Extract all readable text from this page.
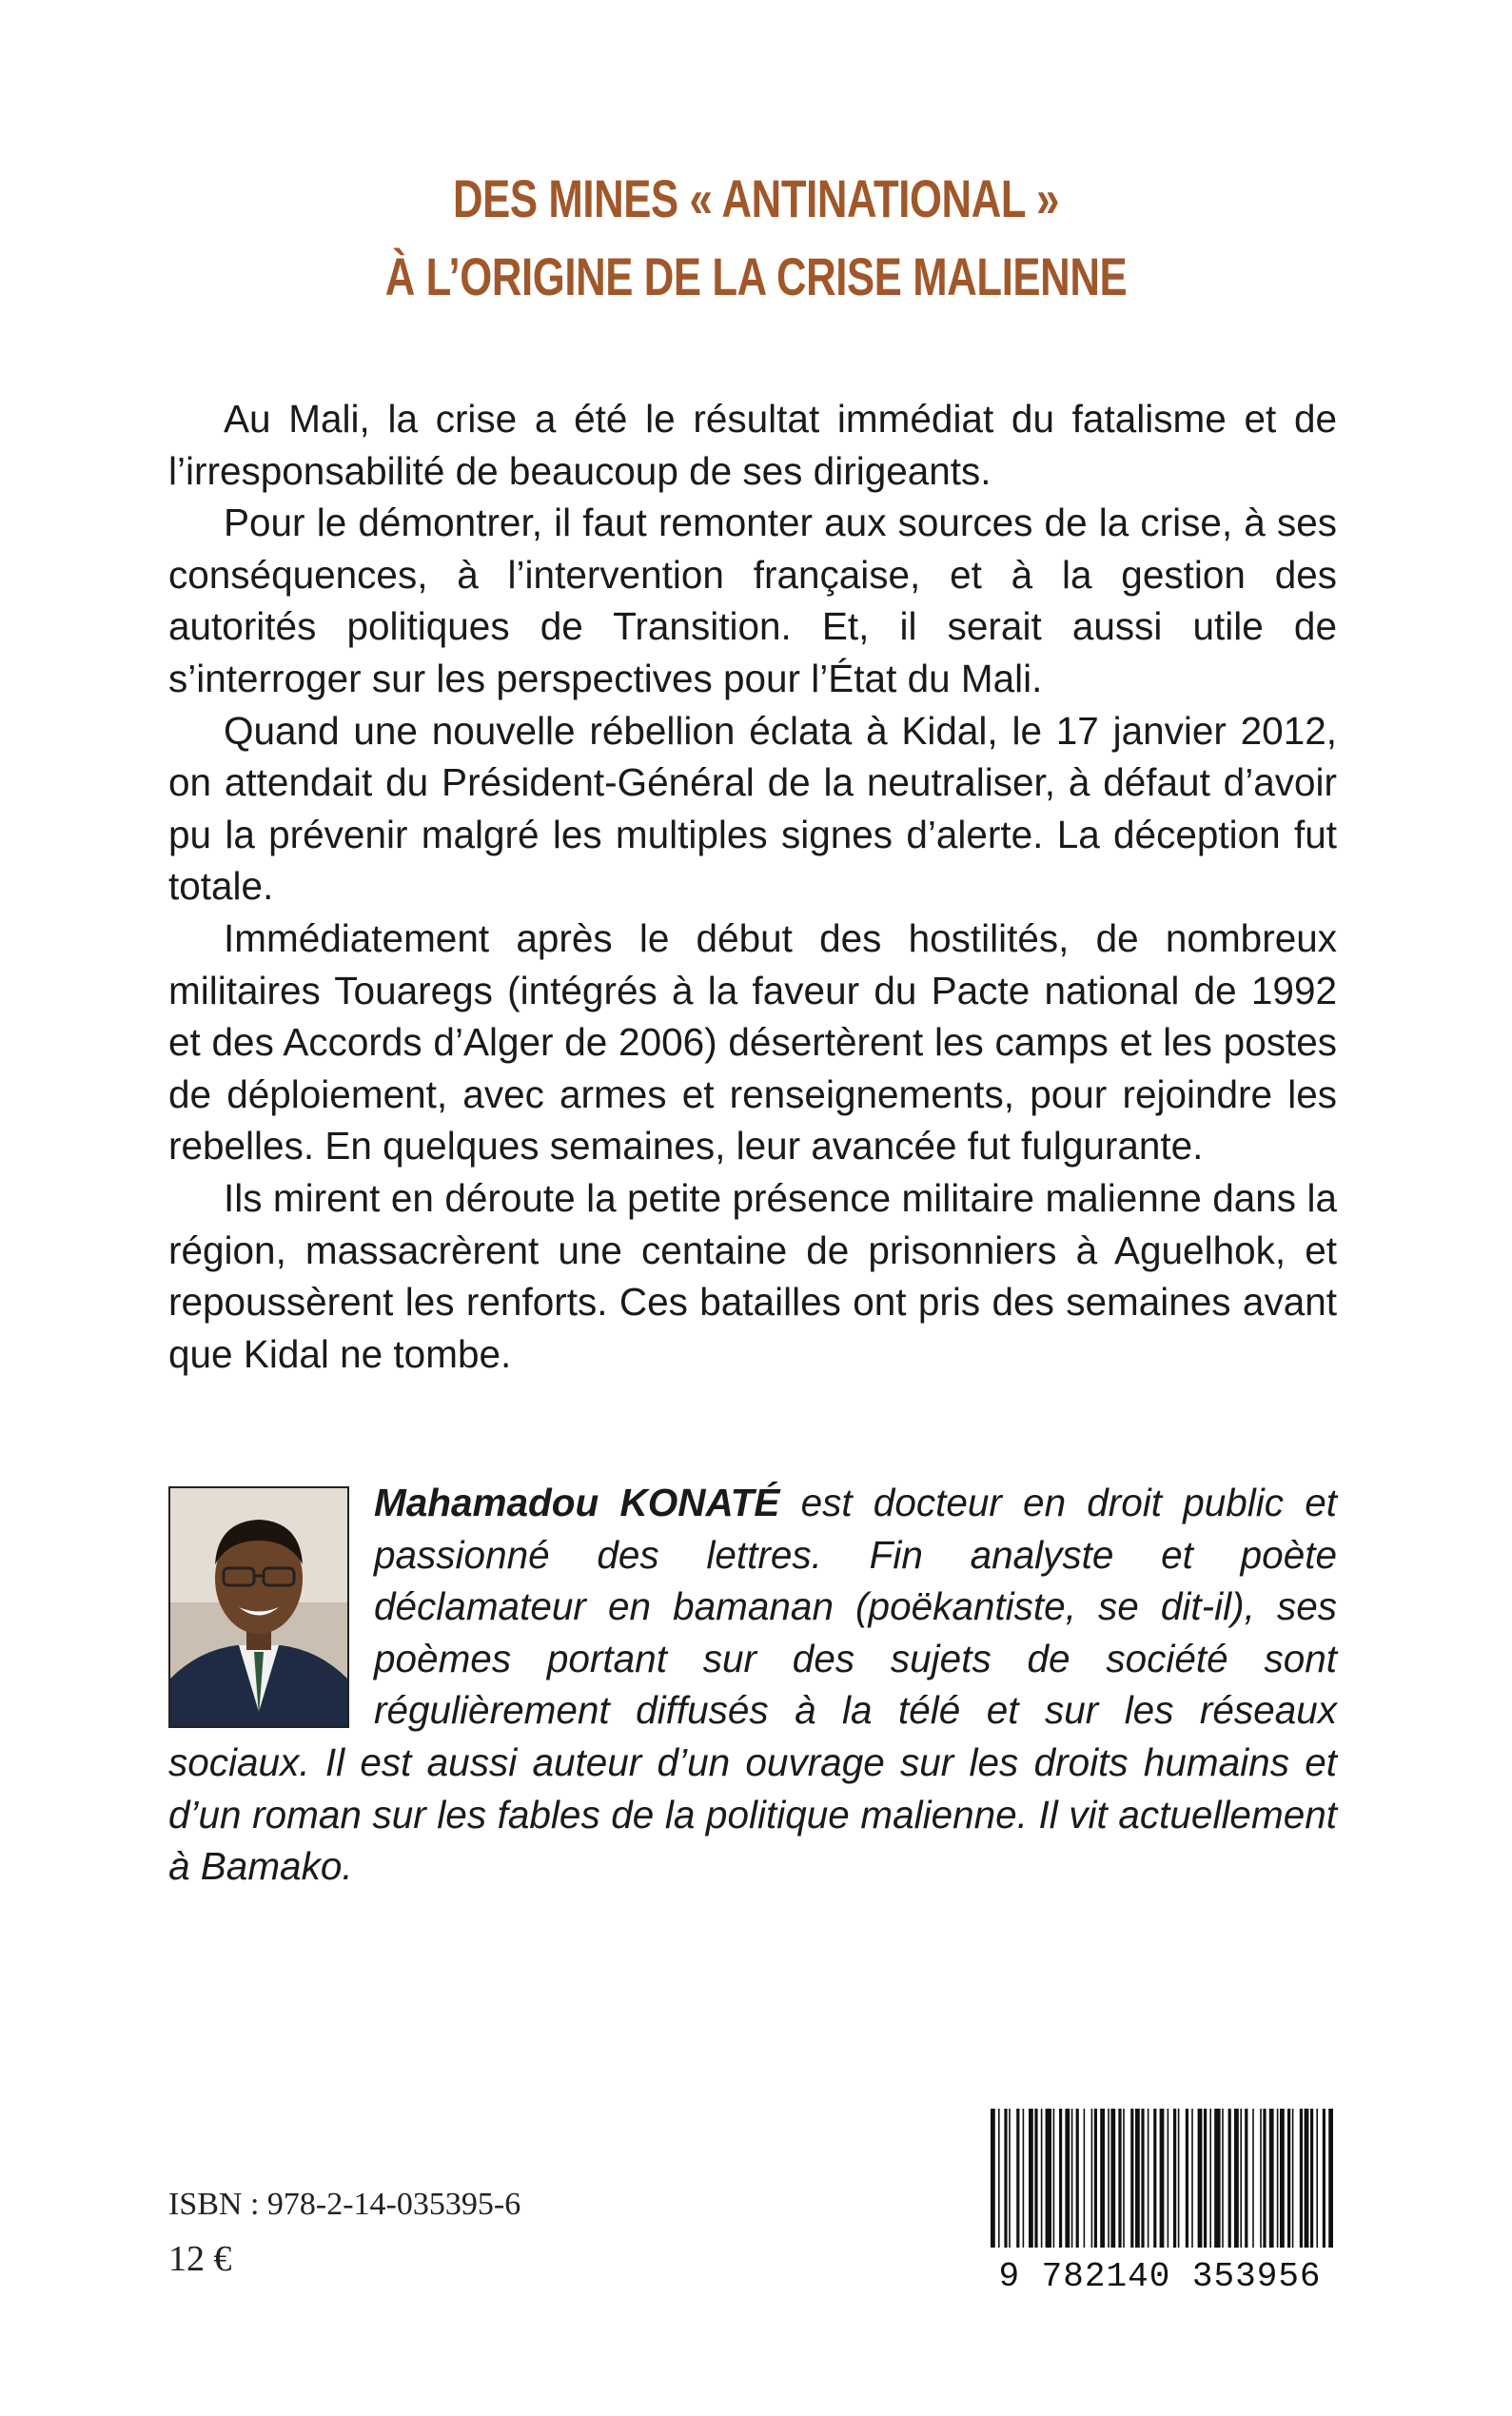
DES MINES « ANTINATIONAL »
À L’ORIGINE DE LA CRISE MALIENNE

Au Mali, la crise a été le résultat immédiat du fatalisme et de l’irresponsabilité de beaucoup de ses dirigeants.

Pour le démontrer, il faut remonter aux sources de la crise, à ses conséquences, à l’intervention française, et à la gestion des autorités politiques de Transition. Et, il serait aussi utile de s’interroger sur les perspectives pour l’État du Mali.

Quand une nouvelle rébellion éclata à Kidal, le 17 janvier 2012, on attendait du Président-Général de la neutraliser, à défaut d’avoir pu la prévenir malgré les multiples signes d’alerte. La déception fut totale.

Immédiatement après le début des hostilités, de nombreux militaires Touaregs (intégrés à la faveur du Pacte national de 1992 et des Accords d’Alger de 2006) désertèrent les camps et les postes de déploiement, avec armes et renseignements, pour rejoindre les rebelles. En quelques semaines, leur avancée fut fulgurante.

Ils mirent en déroute la petite présence militaire malienne dans la région, massacrèrent une centaine de prisonniers à Aguelhok, et repoussèrent les renforts. Ces batailles ont pris des semaines avant que Kidal ne tombe.

Mahamadou KONATÉ est docteur en droit public et passionné des lettres. Fin analyste et poète déclamateur en bamanan (poëkantiste, se dit-il), ses poèmes portant sur des sujets de société sont régulièrement diffusés à la télé et sur les réseaux sociaux. Il est aussi auteur d’un ouvrage sur les droits humains et d’un roman sur les fables de la politique malienne. Il vit actuellement à Bamako.
ISBN : 978-2-14-035395-6
12 €	9 782140 353956
